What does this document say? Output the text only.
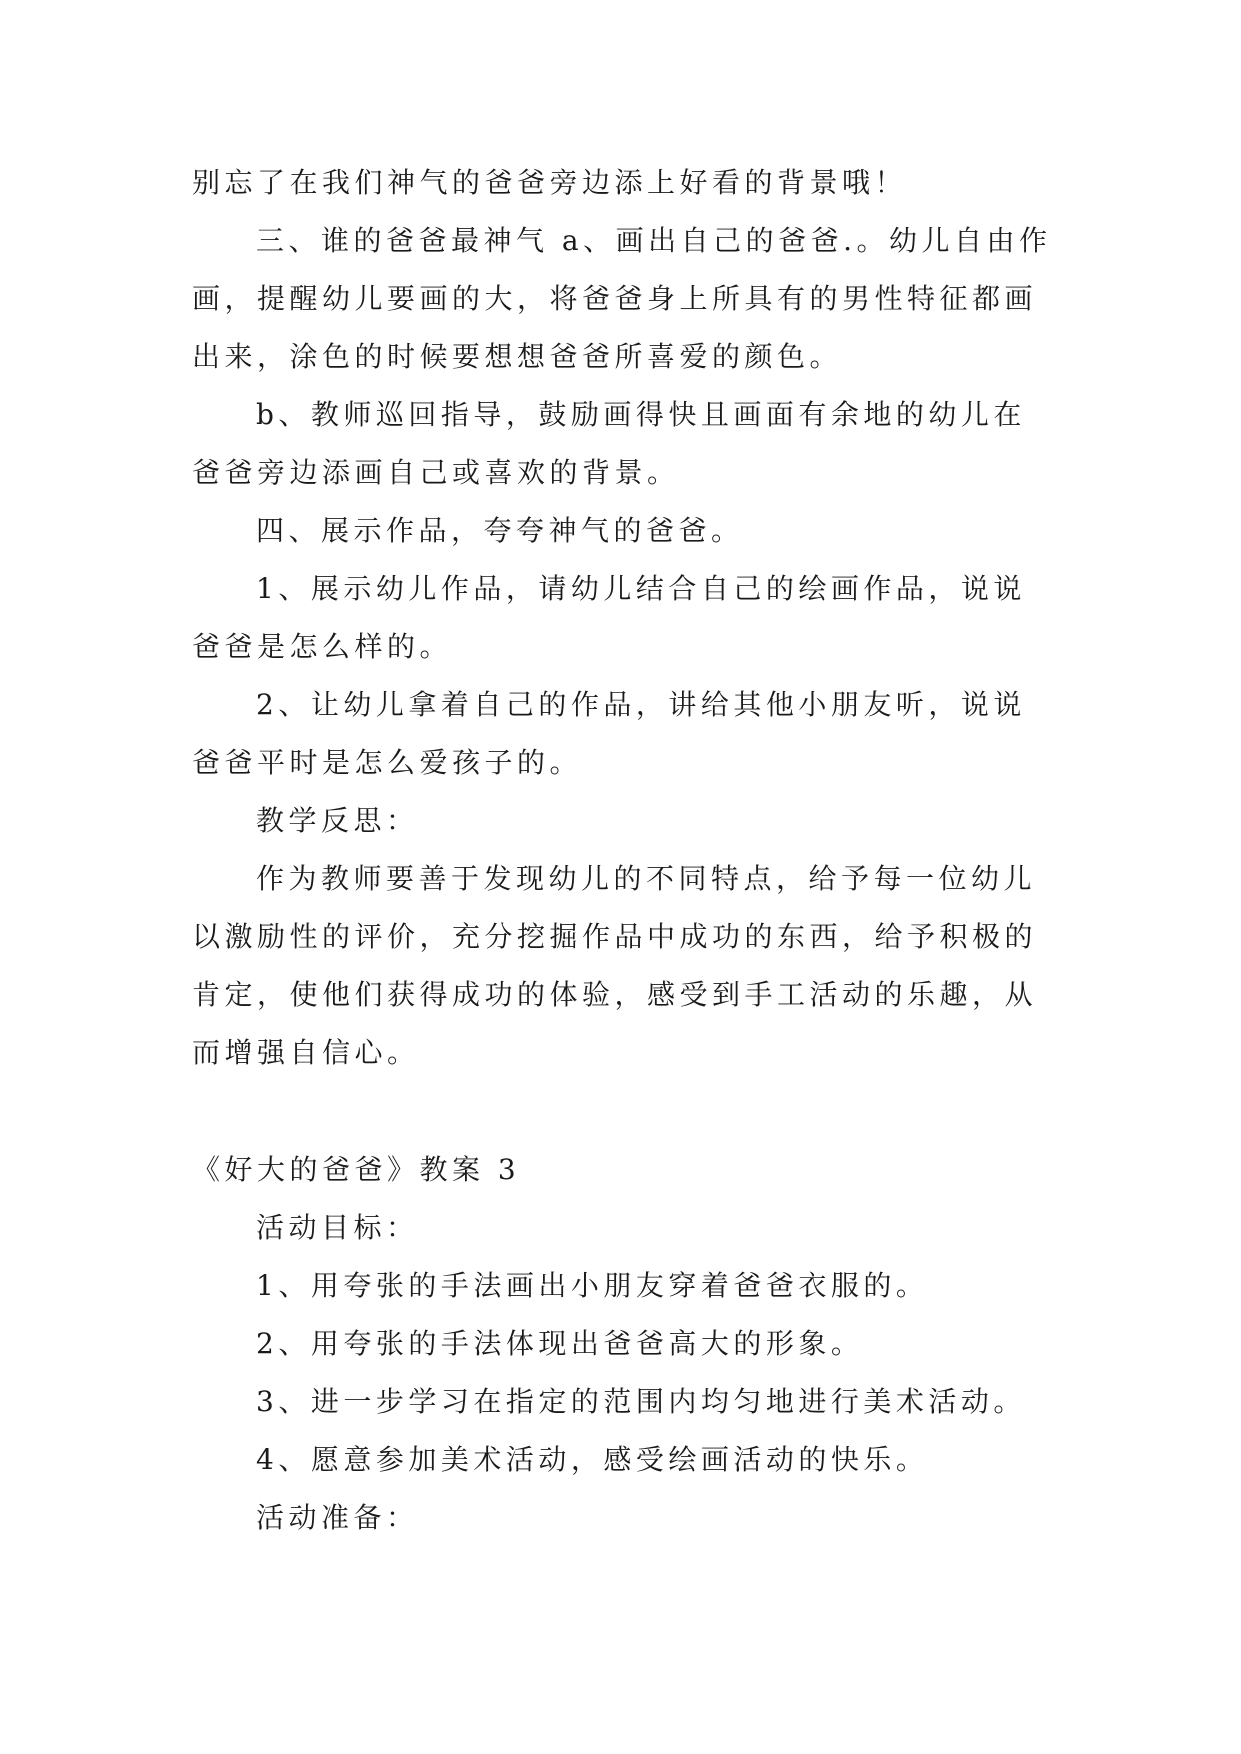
别忘了在我们神气的爸爸旁边添上好看的背景哦！

三、谁的爸爸最神气 a、画出自己的爸爸.。幼儿自由作

画，提醒幼儿要画的大，将爸爸身上所具有的男性特征都画

出来，涂色的时候要想想爸爸所喜爱的颜色。

b、教师巡回指导，鼓励画得快且画面有余地的幼儿在

爸爸旁边添画自己或喜欢的背景。

四、展示作品，夸夸神气的爸爸。

1、展示幼儿作品，请幼儿结合自己的绘画作品，说说

爸爸是怎么样的。

2、让幼儿拿着自己的作品，讲给其他小朋友听，说说

爸爸平时是怎么爱孩子的。

教学反思：

作为教师要善于发现幼儿的不同特点，给予每一位幼儿

以激励性的评价，充分挖掘作品中成功的东西，给予积极的

肯定，使他们获得成功的体验，感受到手工活动的乐趣，从

而增强自信心。

《好大的爸爸》教案 3

活动目标：

1、用夸张的手法画出小朋友穿着爸爸衣服的。

2、用夸张的手法体现出爸爸高大的形象。

3、进一步学习在指定的范围内均匀地进行美术活动。

4、愿意参加美术活动，感受绘画活动的快乐。

活动准备：
